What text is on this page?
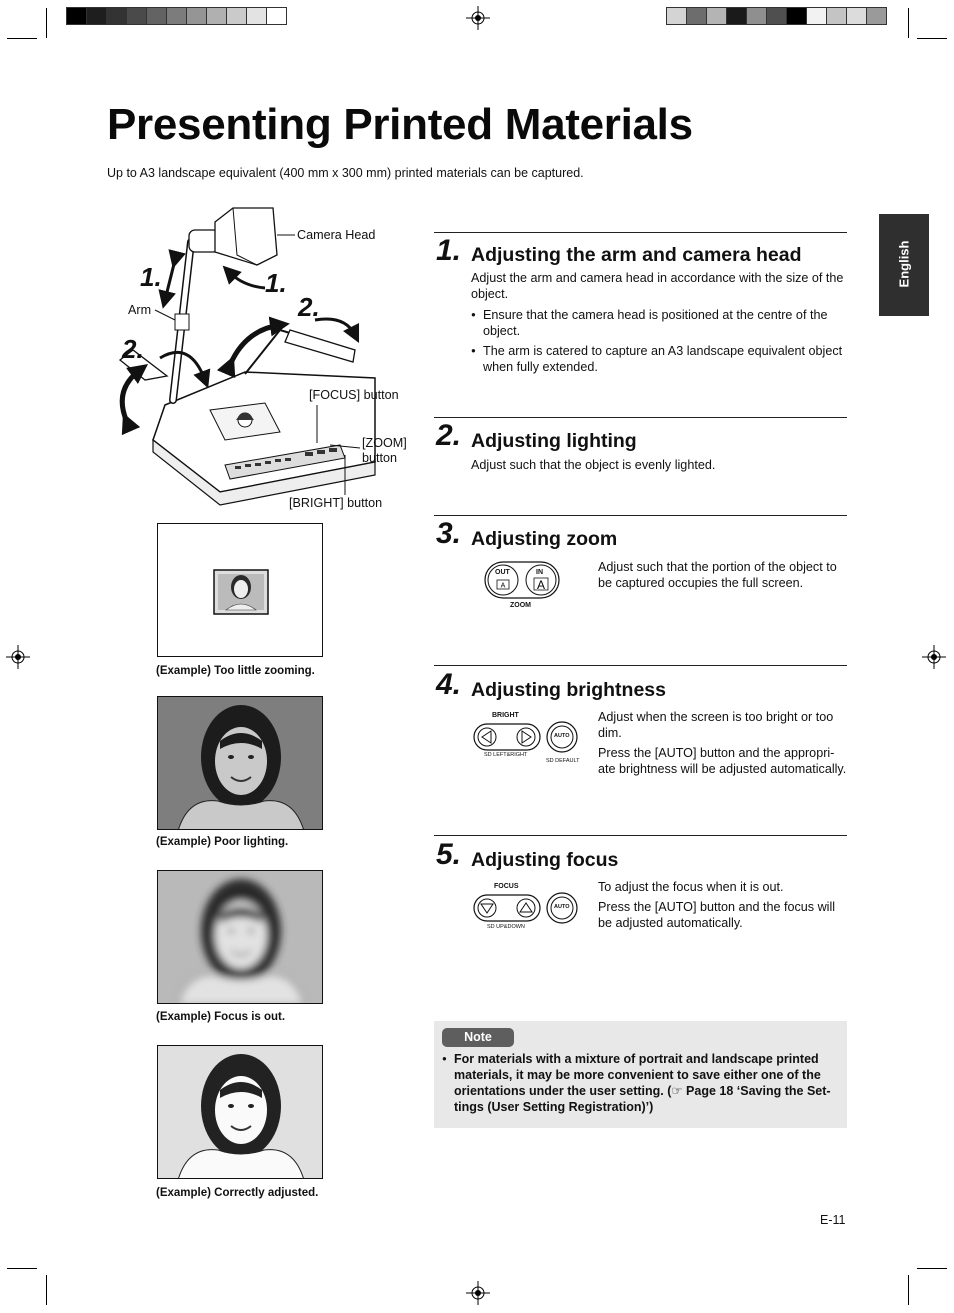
Presenting Printed Materials
Up to A3 landscape equivalent (400 mm x 300 mm) printed materials can be captured.
English
Camera Head
Arm
[FOCUS] button
[ZOOM]
button
[BRIGHT] button
1.	1.
2.
2.
(Example) Too little zooming.
(Example) Poor lighting.
(Example) Focus is out.
(Example) Correctly adjusted.
1. Adjusting the arm and camera head
Adjust the arm and camera head in accordance with the size of the object.
● Ensure that the camera head is positioned at the centre of the object.
● The arm is catered to capture an A3 landscape equivalent object when fully extended.
2. Adjusting lighting
Adjust such that the object is evenly lighted.
3. Adjusting zoom
A	A
OUT	IN
ZOOM
Adjust such that the portion of the object to be captured occupies the full screen.
4. Adjusting brightness
BRIGHT
AUTO
SD LEFT&RIGHT
SD DEFAULT
Adjust when the screen is too bright or too dim.
Press the [AUTO] button and the appropri-ate brightness will be adjusted automatically.
5. Adjusting focus
FOCUS
AUTO
SD UP&DOWN
To adjust the focus when it is out.
Press the [AUTO] button and the focus will be adjusted automatically.
Note
● For materials with a mixture of portrait and landscape printed materials, it may be more convenient to save either one of the orientations under the user setting. (☞ Page 18 ‘Saving the Set-tings (User Setting Registration)’)
E-11
